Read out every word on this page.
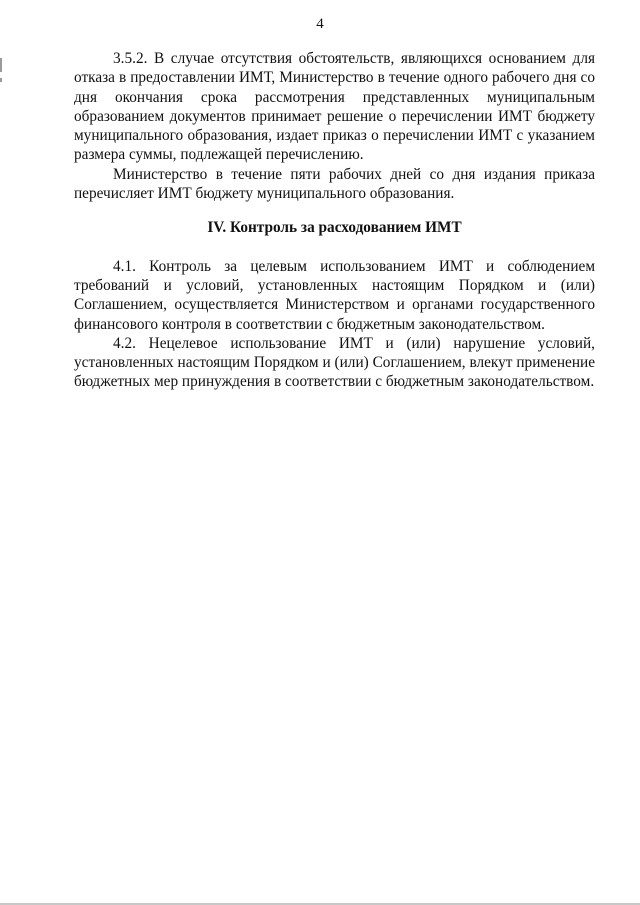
4

3.5.2. В случае отсутствия обстоятельств, являющихся основанием для отказа в предоставлении ИМТ, Министерство в течение одного рабочего дня со дня окончания срока рассмотрения представленных муниципальным образованием документов принимает решение о перечислении ИМТ бюджету муниципального образования, издает приказ о перечислении ИМТ с указанием размера суммы, подлежащей перечислению.

Министерство в течение пяти рабочих дней со дня издания приказа перечисляет ИМТ бюджету муниципального образования.

IV. Контроль за расходованием ИМТ

4.1. Контроль за целевым использованием ИМТ и соблюдением требований и условий, установленных настоящим Порядком и (или) Соглашением, осуществляется Министерством и органами государственного финансового контроля в соответствии с бюджетным законодательством.

4.2. Нецелевое использование ИМТ и (или) нарушение условий, установленных настоящим Порядком и (или) Соглашением, влекут применение бюджетных мер принуждения в соответствии с бюджетным законодательством.
